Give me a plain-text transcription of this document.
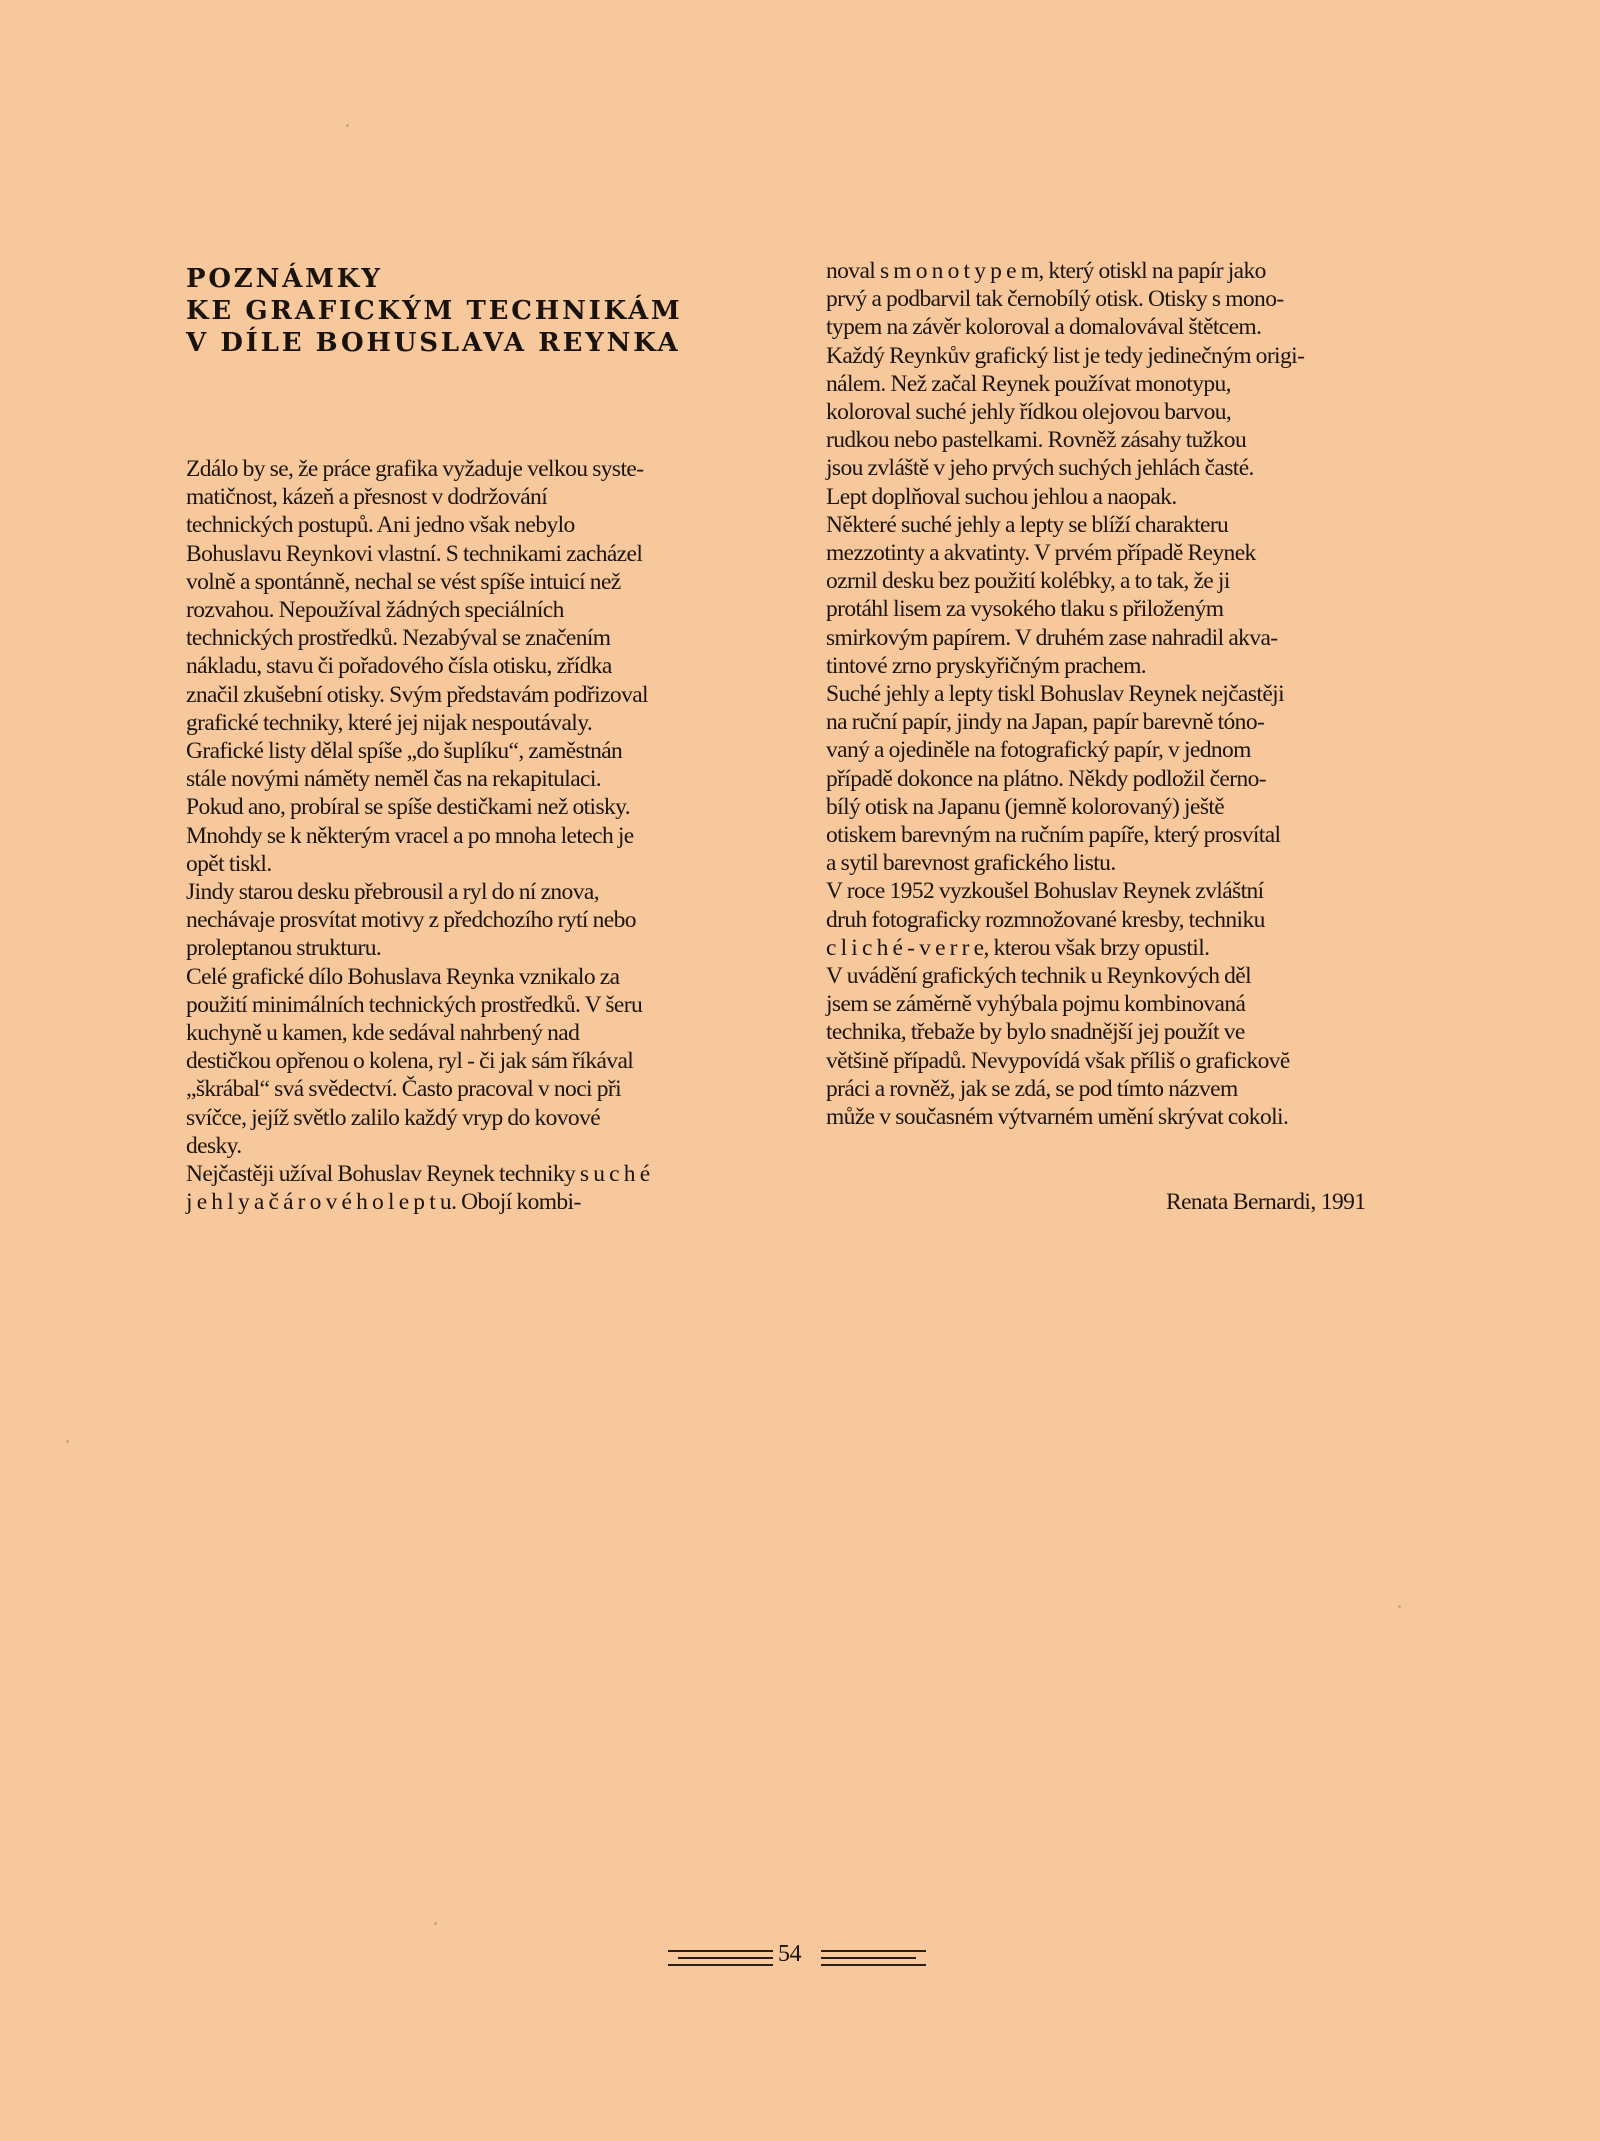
POZNÁMKY
KE GRAFICKÝM TECHNIKÁM
V DÍLE BOHUSLAVA REYNKA
Zdálo by se, že práce grafika vyžaduje velkou syste-
matičnost, kázeň a přesnost v dodržování
technických postupů. Ani jedno však nebylo
Bohuslavu Reynkovi vlastní. S technikami zacházel
volně a spontánně, nechal se vést spíše intuicí než
rozvahou. Nepoužíval žádných speciálních
technických prostředků. Nezabýval se značením
nákladu, stavu či pořadového čísla otisku, zřídka
značil zkušební otisky. Svým představám podřizoval
grafické techniky, které jej nijak nespoutávaly.
Grafické listy dělal spíše „do šuplíku“, zaměstnán
stále novými náměty neměl čas na rekapitulaci.
Pokud ano, probíral se spíše destičkami než otisky.
Mnohdy se k některým vracel a po mnoha letech je
opět tiskl.
Jindy starou desku přebrousil a ryl do ní znova,
nechávaje prosvítat motivy z předchozího rytí nebo
proleptanou strukturu.
Celé grafické dílo Bohuslava Reynka vznikalo za
použití minimálních technických prostředků. V šeru
kuchyně u kamen, kde sedával nahrbený nad
destičkou opřenou o kolena, ryl - či jak sám říkával
„škrábal“ svá svědectví. Často pracoval v noci při
svíčce, jejíž světlo zalilo každý vryp do kovové
desky.
Nejčastěji užíval Bohuslav Reynek techniky s u c h é
j e h l y a č á r o v é h o l e p t u. Obojí kombi-
noval s m o n o t y p e m, který otiskl na papír jako
prvý a podbarvil tak černobílý otisk. Otisky s mono-
typem na závěr koloroval a domalovával štětcem.
Každý Reynkův grafický list je tedy jedinečným origi-
nálem. Než začal Reynek používat monotypu,
koloroval suché jehly řídkou olejovou barvou,
rudkou nebo pastelkami. Rovněž zásahy tužkou
jsou zvláště v jeho prvých suchých jehlách časté.
Lept doplňoval suchou jehlou a naopak.
Některé suché jehly a lepty se blíží charakteru
mezzotinty a akvatinty. V prvém případě Reynek
ozrnil desku bez použití kolébky, a to tak, že ji
protáhl lisem za vysokého tlaku s přiloženým
smirkovým papírem. V druhém zase nahradil akva-
tintové zrno pryskyřičným prachem.
Suché jehly a lepty tiskl Bohuslav Reynek nejčastěji
na ruční papír, jindy na Japan, papír barevně tóno-
vaný a ojediněle na fotografický papír, v jednom
případě dokonce na plátno. Někdy podložil černo-
bílý otisk na Japanu (jemně kolorovaný) ještě
otiskem barevným na ručním papíře, který prosvítal
a sytil barevnost grafického listu.
V roce 1952 vyzkoušel Bohuslav Reynek zvláštní
druh fotograficky rozmnožované kresby, techniku
c l i c h é - v e r r e, kterou však brzy opustil.
V uvádění grafických technik u Reynkových děl
jsem se záměrně vyhýbala pojmu kombinovaná
technika, třebaže by bylo snadnější jej použít ve
většině případů. Nevypovídá však příliš o grafickovĕ
práci a rovněž, jak se zdá, se pod tímto názvem
může v současném výtvarném umění skrývat cokoli.
Renata Bernardi, 1991
54
